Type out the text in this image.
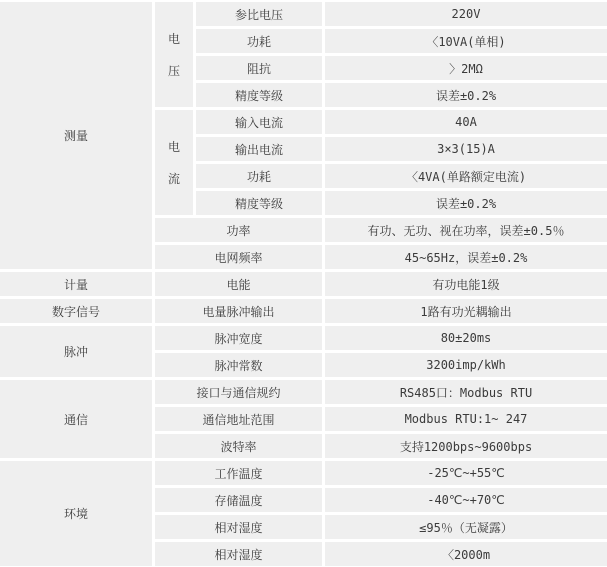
测量
计量
数字信号
脉冲
通信
环境
电压
电流
参比电压
功耗
阻抗
精度等级
输入电流
输出电流
功耗
精度等级
功率
电网频率
电能
电量脉冲输出
脉冲宽度
脉冲常数
接口与通信规约
通信地址范围
波特率
工作温度
存储温度
相对湿度
相对湿度
220V
〈10VA(单相)
〉2MΩ
误差±0.2%
40A
3×3(15)A
〈4VA(单路额定电流)
误差±0.2%
有功、无功、视在功率，误差±0.5％
45~65Hz，误差±0.2%
有功电能1级
1路有功光耦输出
80±20ms
3200imp/kWh
RS485口：Modbus RTU
Modbus RTU:1~ 247
支持1200bps~9600bps
-25℃~+55℃
-40℃~+70℃
≤95％（无凝露）
〈2000m
